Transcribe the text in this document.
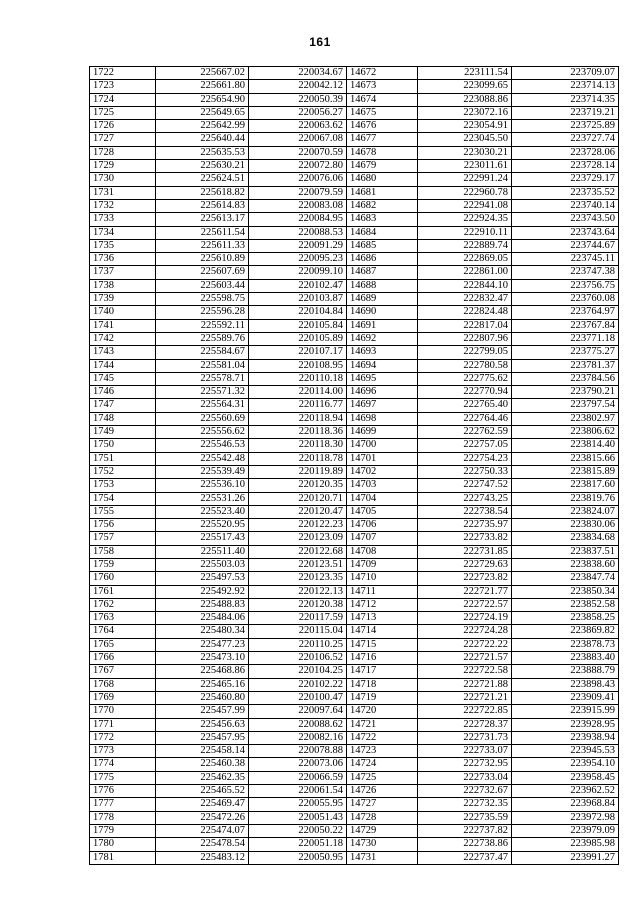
161
1722	225667.02	220034.67	14672	223111.54	223709.07
1723	225661.80	220042.12	14673	223099.65	223714.13
1724	225654.90	220050.39	14674	223088.86	223714.35
1725	225649.65	220056.27	14675	223072.16	223719.21
1726	225642.99	220063.62	14676	223054.91	223725.89
1727	225640.44	220067.08	14677	223045.50	223727.74
1728	225635.53	220070.59	14678	223030.21	223728.06
1729	225630.21	220072.80	14679	223011.61	223728.14
1730	225624.51	220076.06	14680	222991.24	223729.17
1731	225618.82	220079.59	14681	222960.78	223735.52
1732	225614.83	220083.08	14682	222941.08	223740.14
1733	225613.17	220084.95	14683	222924.35	223743.50
1734	225611.54	220088.53	14684	222910.11	223743.64
1735	225611.33	220091.29	14685	222889.74	223744.67
1736	225610.89	220095.23	14686	222869.05	223745.11
1737	225607.69	220099.10	14687	222861.00	223747.38
1738	225603.44	220102.47	14688	222844.10	223756.75
1739	225598.75	220103.87	14689	222832.47	223760.08
1740	225596.28	220104.84	14690	222824.48	223764.97
1741	225592.11	220105.84	14691	222817.04	223767.84
1742	225589.76	220105.89	14692	222807.96	223771.18
1743	225584.67	220107.17	14693	222799.05	223775.27
1744	225581.04	220108.95	14694	222780.58	223781.37
1745	225578.71	220110.18	14695	222775.62	223784.56
1746	225571.32	220114.00	14696	222770.94	223790.21
1747	225564.31	220116.77	14697	222765.40	223797.54
1748	225560.69	220118.94	14698	222764.46	223802.97
1749	225556.62	220118.36	14699	222762.59	223806.62
1750	225546.53	220118.30	14700	222757.05	223814.40
1751	225542.48	220118.78	14701	222754.23	223815.66
1752	225539.49	220119.89	14702	222750.33	223815.89
1753	225536.10	220120.35	14703	222747.52	223817.60
1754	225531.26	220120.71	14704	222743.25	223819.76
1755	225523.40	220120.47	14705	222738.54	223824.07
1756	225520.95	220122.23	14706	222735.97	223830.06
1757	225517.43	220123.09	14707	222733.82	223834.68
1758	225511.40	220122.68	14708	222731.85	223837.51
1759	225503.03	220123.51	14709	222729.63	223838.60
1760	225497.53	220123.35	14710	222723.82	223847.74
1761	225492.92	220122.13	14711	222721.77	223850.34
1762	225488.83	220120.38	14712	222722.57	223852.58
1763	225484.06	220117.59	14713	222724.19	223858.25
1764	225480.34	220115.04	14714	222724.28	223869.82
1765	225477.23	220110.25	14715	222722.22	223878.73
1766	225473.10	220106.52	14716	222721.57	223883.40
1767	225468.86	220104.25	14717	222722.58	223888.79
1768	225465.16	220102.22	14718	222721.88	223898.43
1769	225460.80	220100.47	14719	222721.21	223909.41
1770	225457.99	220097.64	14720	222722.85	223915.99
1771	225456.63	220088.62	14721	222728.37	223928.95
1772	225457.95	220082.16	14722	222731.73	223938.94
1773	225458.14	220078.88	14723	222733.07	223945.53
1774	225460.38	220073.06	14724	222732.95	223954.10
1775	225462.35	220066.59	14725	222733.04	223958.45
1776	225465.52	220061.54	14726	222732.67	223962.52
1777	225469.47	220055.95	14727	222732.35	223968.84
1778	225472.26	220051.43	14728	222735.59	223972.98
1779	225474.07	220050.22	14729	222737.82	223979.09
1780	225478.54	220051.18	14730	222738.86	223985.98
1781	225483.12	220050.95	14731	222737.47	223991.27
